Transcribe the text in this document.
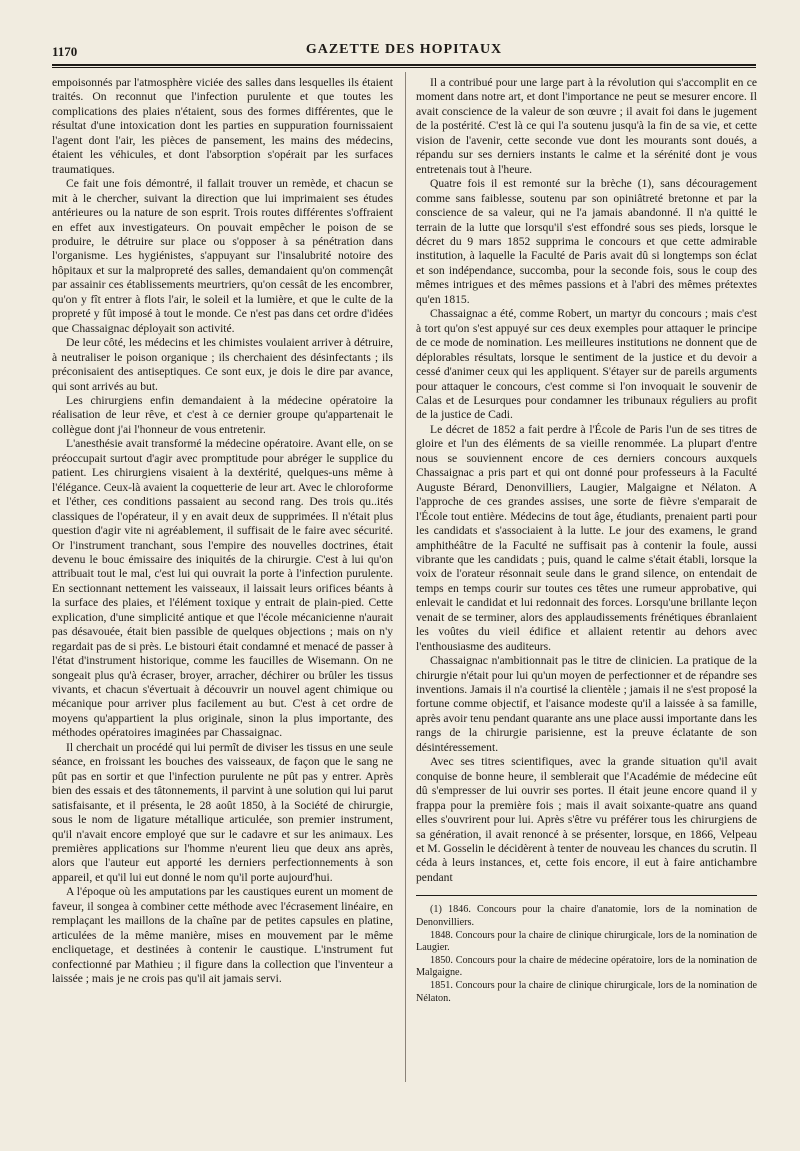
1170	GAZETTE DES HOPITAUX

empoisonnés par l'atmosphère viciée des salles dans lesquelles ils étaient traités. On reconnut que l'infection purulente et que toutes les complications des plaies n'étaient, sous des formes différentes, que le résultat d'une intoxication dont les parties en suppuration fournissaient l'agent dont l'air, les pièces de pansement, les mains des médecins, étaient les véhicules, et dont l'absorption s'opérait par les surfaces traumatiques.

Ce fait une fois démontré, il fallait trouver un remède, et chacun se mit à le chercher, suivant la direction que lui imprimaient ses études antérieures ou la nature de son esprit. Trois routes différentes s'offraient en effet aux investigateurs. On pouvait empêcher le poison de se produire, le détruire sur place ou s'opposer à sa pénétration dans l'organisme. Les hygiénistes, s'appuyant sur l'insalubrité notoire des hôpitaux et sur la malpropreté des salles, demandaient qu'on commençât par assainir ces établissements meurtriers, qu'on cessât de les encombrer, qu'on y fît entrer à flots l'air, le soleil et la lumière, et que le culte de la propreté y fût imposé à tout le monde. Ce n'est pas dans cet ordre d'idées que Chassaignac déployait son activité.

De leur côté, les médecins et les chimistes voulaient arriver à détruire, à neutraliser le poison organique ; ils cherchaient des désinfectants ; ils préconisaient des antiseptiques. Ce sont eux, je dois le dire par avance, qui sont arrivés au but.

Les chirurgiens enfin demandaient à la médecine opératoire la réalisation de leur rêve, et c'est à ce dernier groupe qu'appartenait le collègue dont j'ai l'honneur de vous entretenir.

L'anesthésie avait transformé la médecine opératoire. Avant elle, on se préoccupait surtout d'agir avec promptitude pour abréger le supplice du patient. Les chirurgiens visaient à la dextérité, quelques-uns même à l'élégance. Ceux-là avaient la coquetterie de leur art. Avec le chloroforme et l'éther, ces conditions passaient au second rang. Des trois qu..ités classiques de l'opérateur, il y en avait deux de supprimées. Il n'était plus question d'agir vite ni agréablement, il suffisait de le faire avec sécurité. Or l'instrument tranchant, sous l'empire des nouvelles doctrines, était devenu le bouc émissaire des iniquités de la chirurgie. C'est à lui qu'on attribuait tout le mal, c'est lui qui ouvrait la porte à l'infection purulente. En sectionnant nettement les vaisseaux, il laissait leurs orifices béants à la surface des plaies, et l'élément toxique y entrait de plain-pied. Cette explication, d'une simplicité antique et que l'école mécanicienne n'aurait pas désavouée, était bien passible de quelques objections ; mais on n'y regardait pas de si près. Le bistouri était condamné et menacé de passer à l'état d'instrument historique, comme les faucilles de Wisemann. On ne songeait plus qu'à écraser, broyer, arracher, déchirer ou brûler les tissus vivants, et chacun s'évertuait à découvrir un nouvel agent chimique ou mécanique pour arriver plus facilement au but. C'est à cet ordre de moyens qu'appartient la plus originale, sinon la plus importante, des méthodes opératoires imaginées par Chassaignac.

Il cherchait un procédé qui lui permît de diviser les tissus en une seule séance, en froissant les bouches des vaisseaux, de façon que le sang ne pût pas en sortir et que l'infection purulente ne pût pas y entrer. Après bien des essais et des tâtonnements, il parvint à une solution qui lui parut satisfaisante, et il présenta, le 28 août 1850, à la Société de chirurgie, sous le nom de ligature métallique articulée, son premier instrument, qu'il n'avait encore employé que sur le cadavre et sur les animaux. Les premières applications sur l'homme n'eurent lieu que deux ans après, alors que l'auteur eut apporté les derniers perfectionnements à son appareil, et qu'il lui eut donné le nom qu'il porte aujourd'hui.

A l'époque où les amputations par les caustiques eurent un moment de faveur, il songea à combiner cette méthode avec l'écrasement linéaire, en remplaçant les maillons de la chaîne par de petites capsules en platine, articulées de la même manière, mises en mouvement par le même encliquetage, et destinées à contenir le caustique. L'instrument fut confectionné par Mathieu ; il figure dans la collection que l'inventeur a laissée ; mais je ne crois pas qu'il ait jamais servi.

Il a contribué pour une large part à la révolution qui s'accomplit en ce moment dans notre art, et dont l'importance ne peut se mesurer encore. Il avait conscience de la valeur de son œuvre ; il avait foi dans le jugement de la postérité. C'est là ce qui l'a soutenu jusqu'à la fin de sa vie, et cette vision de l'avenir, cette seconde vue dont les mourants sont doués, a répandu sur ses derniers instants le calme et la sérénité dont je vous entretenais tout à l'heure.

Quatre fois il est remonté sur la brèche (1), sans découragement comme sans faiblesse, soutenu par son opiniâtreté bretonne et par la conscience de sa valeur, qui ne l'a jamais abandonné. Il n'a quitté le terrain de la lutte que lorsqu'il s'est effondré sous ses pieds, lorsque le décret du 9 mars 1852 supprima le concours et que cette admirable institution, à laquelle la Faculté de Paris avait dû si longtemps son éclat et son indépendance, succomba, pour la seconde fois, sous le coup des mêmes intrigues et des mêmes passions et à l'abri des mêmes prétextes qu'en 1815.

Chassaignac a été, comme Robert, un martyr du concours ; mais c'est à tort qu'on s'est appuyé sur ces deux exemples pour attaquer le principe de ce mode de nomination. Les meilleures institutions ne donnent que de déplorables résultats, lorsque le sentiment de la justice et du devoir a cessé d'animer ceux qui les appliquent. S'étayer sur de pareils arguments pour attaquer le concours, c'est comme si l'on invoquait le souvenir de Calas et de Lesurques pour condamner les tribunaux réguliers au profit de la justice de Cadi.

Le décret de 1852 a fait perdre à l'École de Paris l'un de ses titres de gloire et l'un des éléments de sa vieille renommée. La plupart d'entre nous se souviennent encore de ces derniers concours auxquels Chassaignac a pris part et qui ont donné pour professeurs à la Faculté Auguste Bérard, Denonvilliers, Laugier, Malgaigne et Nélaton. A l'approche de ces grandes assises, une sorte de fièvre s'emparait de l'École tout entière. Médecins de tout âge, étudiants, prenaient parti pour les candidats et s'associaient à la lutte. Le jour des examens, le grand amphithéâtre de la Faculté ne suffisait pas à contenir la foule, aussi vibrante que les candidats ; puis, quand le calme s'était établi, lorsque la voix de l'orateur résonnait seule dans le grand silence, on entendait de temps en temps courir sur toutes ces têtes une rumeur approbative, qui enlevait le candidat et lui redonnait des forces. Lorsqu'une brillante leçon venait de se terminer, alors des applaudissements frénétiques ébranlaient les voûtes du vieil édifice et allaient retentir au dehors avec l'enthousiasme des auditeurs.

Chassaignac n'ambitionnait pas le titre de clinicien. La pratique de la chirurgie n'était pour lui qu'un moyen de perfectionner et de répandre ses inventions. Jamais il n'a courtisé la clientèle ; jamais il ne s'est proposé la fortune comme objectif, et l'aisance modeste qu'il a laissée à sa famille, après avoir tenu pendant quarante ans une place aussi importante dans les rangs de la chirurgie parisienne, est la preuve éclatante de son désintéressement.

Avec ses titres scientifiques, avec la grande situation qu'il avait conquise de bonne heure, il semblerait que l'Académie de médecine eût dû s'empresser de lui ouvrir ses portes. Il était jeune encore quand il y frappa pour la première fois ; mais il avait soixante-quatre ans quand elles s'ouvrirent pour lui. Après s'être vu préférer tous les chirurgiens de sa génération, il avait renoncé à se présenter, lorsque, en 1866, Velpeau et M. Gosselin le décidèrent à tenter de nouveau les chances du scrutin. Il céda à leurs instances, et, cette fois encore, il eut à faire antichambre pendant

(1) 1846. Concours pour la chaire d'anatomie, lors de la nomination de Denonvilliers.

1848. Concours pour la chaire de clinique chirurgicale, lors de la nomination de Laugier.

1850. Concours pour la chaire de médecine opératoire, lors de la nomination de Malgaigne.

1851. Concours pour la chaire de clinique chirurgicale, lors de la nomination de Nélaton.
